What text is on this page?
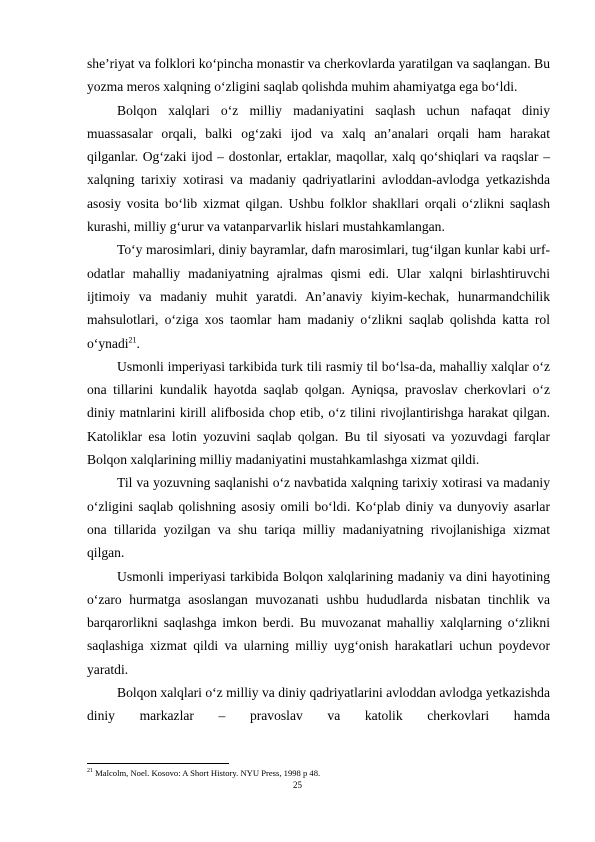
she’riyat va folklori ko‘pincha monastir va cherkovlarda yaratilgan va saqlangan. Bu yozma meros xalqning o‘zligini saqlab qolishda muhim ahamiyatga ega bo‘ldi.

Bolqon xalqlari o‘z milliy madaniyatini saqlash uchun nafaqat diniy muassasalar orqali, balki og‘zaki ijod va xalq an’analari orqali ham harakat qilganlar. Og‘zaki ijod – dostonlar, ertaklar, maqollar, xalq qo‘shiqlari va raqslar – xalqning tarixiy xotirasi va madaniy qadriyatlarini avloddan-avlodga yetkazishda asosiy vosita bo‘lib xizmat qilgan. Ushbu folklor shakllari orqali o‘zlikni saqlash kurashi, milliy g‘urur va vatanparvarlik hislari mustahkamlangan.

To‘y marosimlari, diniy bayramlar, dafn marosimlari, tug‘ilgan kunlar kabi urf-odatlar mahalliy madaniyatning ajralmas qismi edi. Ular xalqni birlashtiruvchi ijtimoiy va madaniy muhit yaratdi. An’anaviy kiyim-kechak, hunarmandchilik mahsulotlari, o‘ziga xos taomlar ham madaniy o‘zlikni saqlab qolishda katta rol o‘ynadi$^{21}$.

Usmonli imperiyasi tarkibida turk tili rasmiy til bo‘lsa-da, mahalliy xalqlar o‘z ona tillarini kundalik hayotda saqlab qolgan. Ayniqsa, pravoslav cherkovlari o‘z diniy matnlarini kirill alifbosida chop etib, o‘z tilini rivojlantirishga harakat qilgan. Katoliklar esa lotin yozuvini saqlab qolgan. Bu til siyosati va yozuvdagi farqlar Bolqon xalqlarining milliy madaniyatini mustahkamlashga xizmat qildi.

Til va yozuvning saqlanishi o‘z navbatida xalqning tarixiy xotirasi va madaniy o‘zligini saqlab qolishning asosiy omili bo‘ldi. Ko‘plab diniy va dunyoviy asarlar ona tillarida yozilgan va shu tariqa milliy madaniyatning rivojlanishiga xizmat qilgan.

Usmonli imperiyasi tarkibida Bolqon xalqlarining madaniy va dini hayotining o‘zaro hurmatga asoslangan muvozanati ushbu hududlarda nisbatan tinchlik va barqarorlikni saqlashga imkon berdi. Bu muvozanat mahalliy xalqlarning o‘zlikni saqlashiga xizmat qildi va ularning milliy uyg‘onish harakatlari uchun poydevor yaratdi.

Bolqon xalqlari o‘z milliy va diniy qadriyatlarini avloddan avlodga yetkazishda diniy markazlar – pravoslav va katolik cherkovlari hamda

$^{21}$ Malcolm, Noel. Kosovo: A Short History. NYU Press, 1998 p 48.
25
